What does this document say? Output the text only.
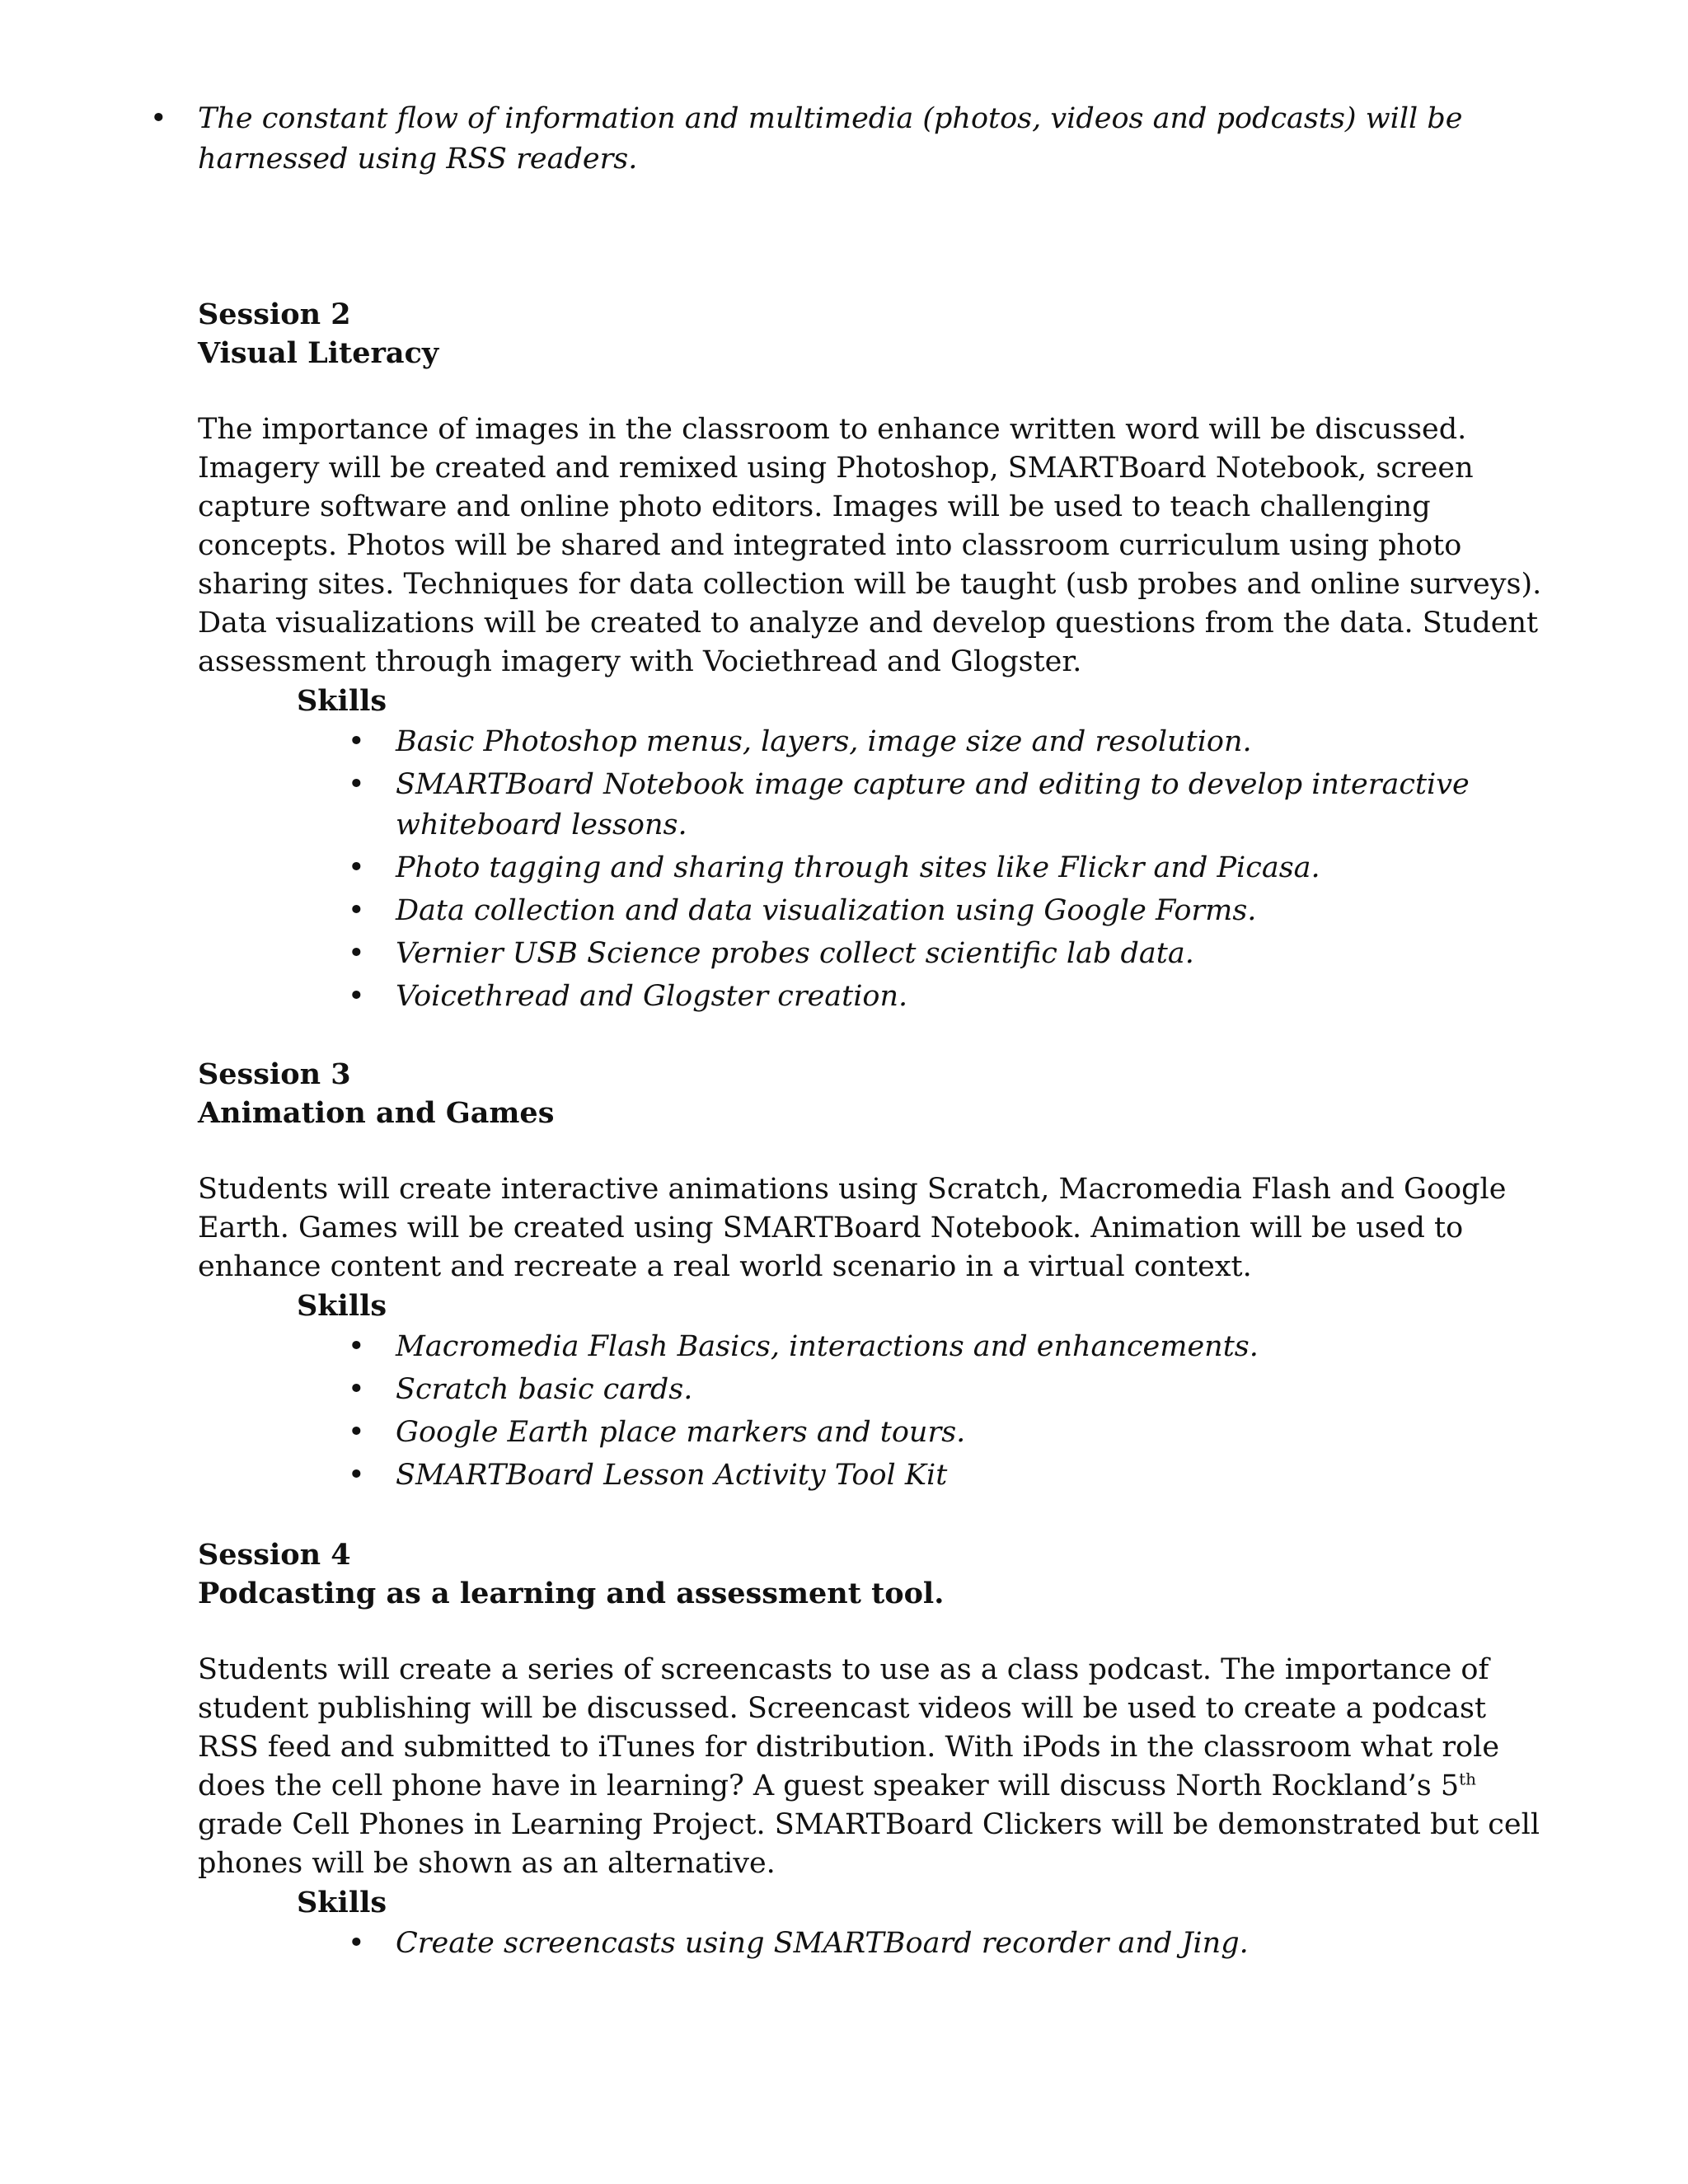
• The constant flow of information and multimedia (photos, videos and podcasts) will be harnessed using RSS readers.

Session 2

Visual Literacy

The importance of images in the classroom to enhance written word will be discussed. Imagery will be created and remixed using Photoshop, SMARTBoard Notebook, screen capture software and online photo editors. Images will be used to teach challenging concepts. Photos will be shared and integrated into classroom curriculum using photo sharing sites. Techniques for data collection will be taught (usb probes and online surveys). Data visualizations will be created to analyze and develop questions from the data. Student assessment through imagery with Vociethread and Glogster.

Skills

• Basic Photoshop menus, layers, image size and resolution.
• SMARTBoard Notebook image capture and editing to develop interactive whiteboard lessons.
• Photo tagging and sharing through sites like Flickr and Picasa.
• Data collection and data visualization using Google Forms.
• Vernier USB Science probes collect scientific lab data.
• Voicethread and Glogster creation.

Session 3

Animation and Games

Students will create interactive animations using Scratch, Macromedia Flash and Google Earth. Games will be created using SMARTBoard Notebook. Animation will be used to enhance content and recreate a real world scenario in a virtual context.

Skills

• Macromedia Flash Basics, interactions and enhancements.
• Scratch basic cards.
• Google Earth place markers and tours.
• SMARTBoard Lesson Activity Tool Kit

Session 4

Podcasting as a learning and assessment tool.

Students will create a series of screencasts to use as a class podcast. The importance of student publishing will be discussed. Screencast videos will be used to create a podcast RSS feed and submitted to iTunes for distribution. With iPods in the classroom what role does the cell phone have in learning? A guest speaker will discuss North Rockland’s 5th grade Cell Phones in Learning Project. SMARTBoard Clickers will be demonstrated but cell phones will be shown as an alternative.

Skills

• Create screencasts using SMARTBoard recorder and Jing.
